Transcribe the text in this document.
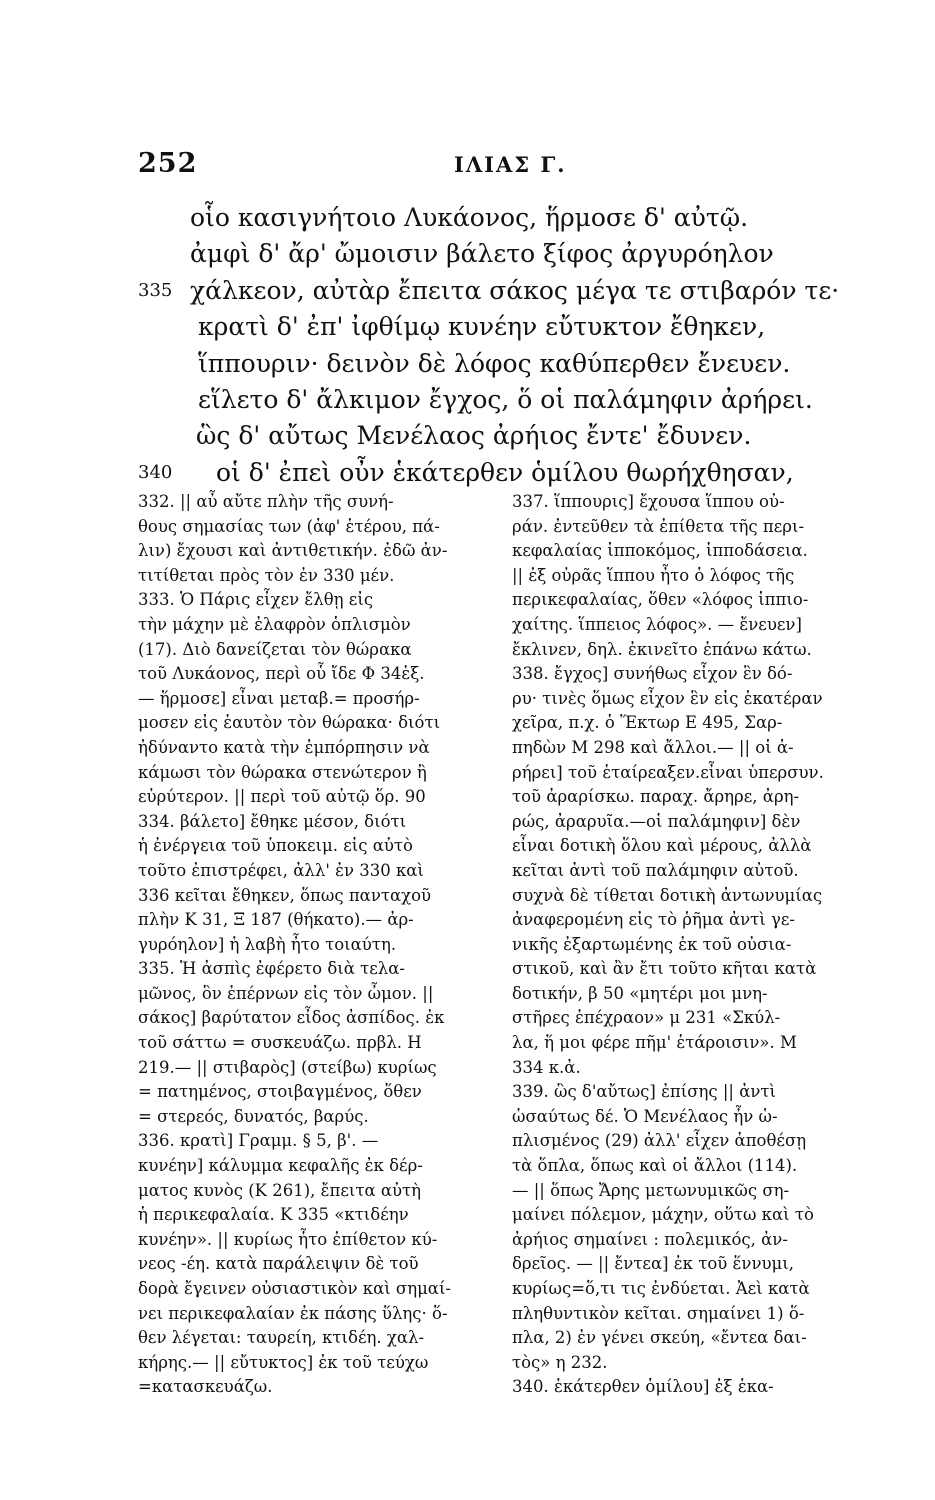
252	ΙΛΙΑΣ Γ.
οἷο κασιγνήτοιο Λυκάονος, ἥρμοσε δ' αὐτῷ.
ἀμφὶ δ' ἄρ' ὤμοισιν βάλετο ξίφος ἀργυρόηλον
335 χάλκεον, αὐτὰρ ἔπειτα σάκος μέγα τε στιβαρόν τε·
κρατὶ δ' ἐπ' ἰφθίμῳ κυνέην εὔτυκτον ἔθηκεν,
ἵππουριν· δεινὸν δὲ λόφος καθύπερθεν ἔνευεν.
εἵλετο δ' ἄλκιμον ἔγχος, ὅ οἱ παλάμηφιν ἀρήρει.
ὣς δ' αὔτως Μενέλαος ἀρήιος ἔντε' ἔδυνεν.
340 οἱ δ' ἐπεὶ οὖν ἑκάτερθεν ὁμίλου θωρήχθησαν,
332. || αὖ αὔτε πλὴν τῆς συνή-
θους σημασίας των (ἀφ' ἑτέρου, πά-
λιν) ἔχουσι καὶ ἀντιθετικήν. ἐδῶ ἀν-
τιτίθεται πρὸς τὸν ἐν 330 μέν.
333. Ὁ Πάρις εἶχεν ἔλθῃ εἰς
τὴν μάχην μὲ ἐλαφρὸν ὁπλισμὸν
(17). Διὸ δανείζεται τὸν θώρακα
τοῦ Λυκάονος, περὶ οὗ ἴδε Φ 34ἑξ.
— ἥρμοσε] εἶναι μεταβ.= προσήρ-
μοσεν εἰς ἑαυτὸν τὸν θώρακα· διότι
ἠδύναντο κατὰ τὴν ἐμπόρπησιν νὰ
κάμωσι τὸν θώρακα στενώτερον ἢ
εὐρύτερον. || περὶ τοῦ αὐτῷ ὅρ. 90
334. βάλετο] ἔθηκε μέσον, διότι
ἡ ἐνέργεια τοῦ ὑποκειμ. εἰς αὐτὸ
τοῦτο ἐπιστρέφει, ἀλλ' ἐν 330 καὶ
336 κεῖται ἔθηκεν, ὅπως πανταχοῦ
πλὴν Κ 31, Ξ 187 (θήκατο).— ἀρ-
γυρόηλον] ἡ λαβὴ ἦτο τοιαύτη.
335. Ἡ ἀσπὶς ἐφέρετο διὰ τελα-
μῶνος, ὃν ἐπέρνων εἰς τὸν ὦμον. ||
σάκος] βαρύτατον εἶδος ἀσπίδος. ἐκ
τοῦ σάττω = συσκευάζω. πρβλ. Η
219.— || στιβαρὸς] (στείβω) κυρίως
= πατημένος, στοιβαγμένος, ὅθεν
= στερεός, δυνατός, βαρύς.
336. κρατὶ] Γραμμ. § 5, β'. —
κυνέην] κάλυμμα κεφαλῆς ἐκ δέρ-
ματος κυνὸς (Κ 261), ἔπειτα αὐτὴ
ἡ περικεφαλαία. Κ 335 «κτιδέην
κυνέην». || κυρίως ἦτο ἐπίθετον κύ-
νεος -έη. κατὰ παράλειψιν δὲ τοῦ
δορὰ ἔγεινεν οὐσιαστικὸν καὶ σημαί-
νει περικεφαλαίαν ἐκ πάσης ὕλης· ὅ-
θεν λέγεται: ταυρείη, κτιδέη. χαλ-
κήρης.— || εὔτυκτος] ἐκ τοῦ τεύχω
=κατασκευάζω.
337. ἵππουρις] ἔχουσα ἵππου οὐ-
ράν. ἐντεῦθεν τὰ ἐπίθετα τῆς περι-
κεφαλαίας ἱπποκόμος, ἱπποδάσεια.
|| ἐξ οὐρᾶς ἵππου ἦτο ὁ λόφος τῆς
περικεφαλαίας, ὅθεν «λόφος ἱππιο-
χαίτης. ἵππειος λόφος». — ἔνευεν]
ἔκλινεν, δηλ. ἐκινεῖτο ἐπάνω κάτω.
338. ἔγχος] συνήθως εἶχον ἓν δό-
ρυ· τινὲς ὅμως εἶχον ἓν εἰς ἑκατέραν
χεῖρα, π.χ. ὁ Ἕκτωρ Ε 495, Σαρ-
πηδὼν Μ 298 καὶ ἄλλοι.— || οἱ ἀ-
ρήρει] τοῦ ἑταίρεαξεν.εἶναι ὑπερσυν.
τοῦ ἀραρίσκω. παραχ. ἄρηρε, ἀρη-
ρώς, ἀραρυῖα.—οἱ παλάμηφιν] δὲν
εἶναι δοτικὴ ὅλου καὶ μέρους, ἀλλὰ
κεῖται ἀντὶ τοῦ παλάμηφιν αὐτοῦ.
συχνὰ δὲ τίθεται δοτικὴ ἀντωνυμίας
ἀναφερομένη εἰς τὸ ῥῆμα ἀντὶ γε-
νικῆς ἐξαρτωμένης ἐκ τοῦ οὐσια-
στικοῦ, καὶ ἂν ἔτι τοῦτο κῆται κατὰ
δοτικήν, β 50 «μητέρι μοι μνη-
στῆρες ἐπέχραον» μ 231 «Σκύλ-
λα, ἥ μοι φέρε πῆμ' ἑτάροισιν». Μ
334 κ.ἀ.
339. ὣς δ'αὔτως] ἐπίσης || ἀντὶ
ὡσαύτως δέ. Ὁ Μενέλαος ἦν ὡ-
πλισμένος (29) ἀλλ' εἶχεν ἀποθέσῃ
τὰ ὅπλα, ὅπως καὶ οἱ ἄλλοι (114).
— || ὅπως Ἄρης μετωνυμικῶς ση-
μαίνει πόλεμον, μάχην, οὕτω καὶ τὸ
ἀρήιος σημαίνει : πολεμικός, ἀν-
δρεῖος. — || ἔντεα] ἐκ τοῦ ἕννυμι,
κυρίως=ὅ,τι τις ἐνδύεται. Ἀεὶ κατὰ
πληθυντικὸν κεῖται. σημαίνει 1) ὅ-
πλα, 2) ἐν γένει σκεύη, «ἔντεα δαι-
τὸς» η 232.
340. ἑκάτερθεν ὁμίλου] ἐξ ἑκα-
